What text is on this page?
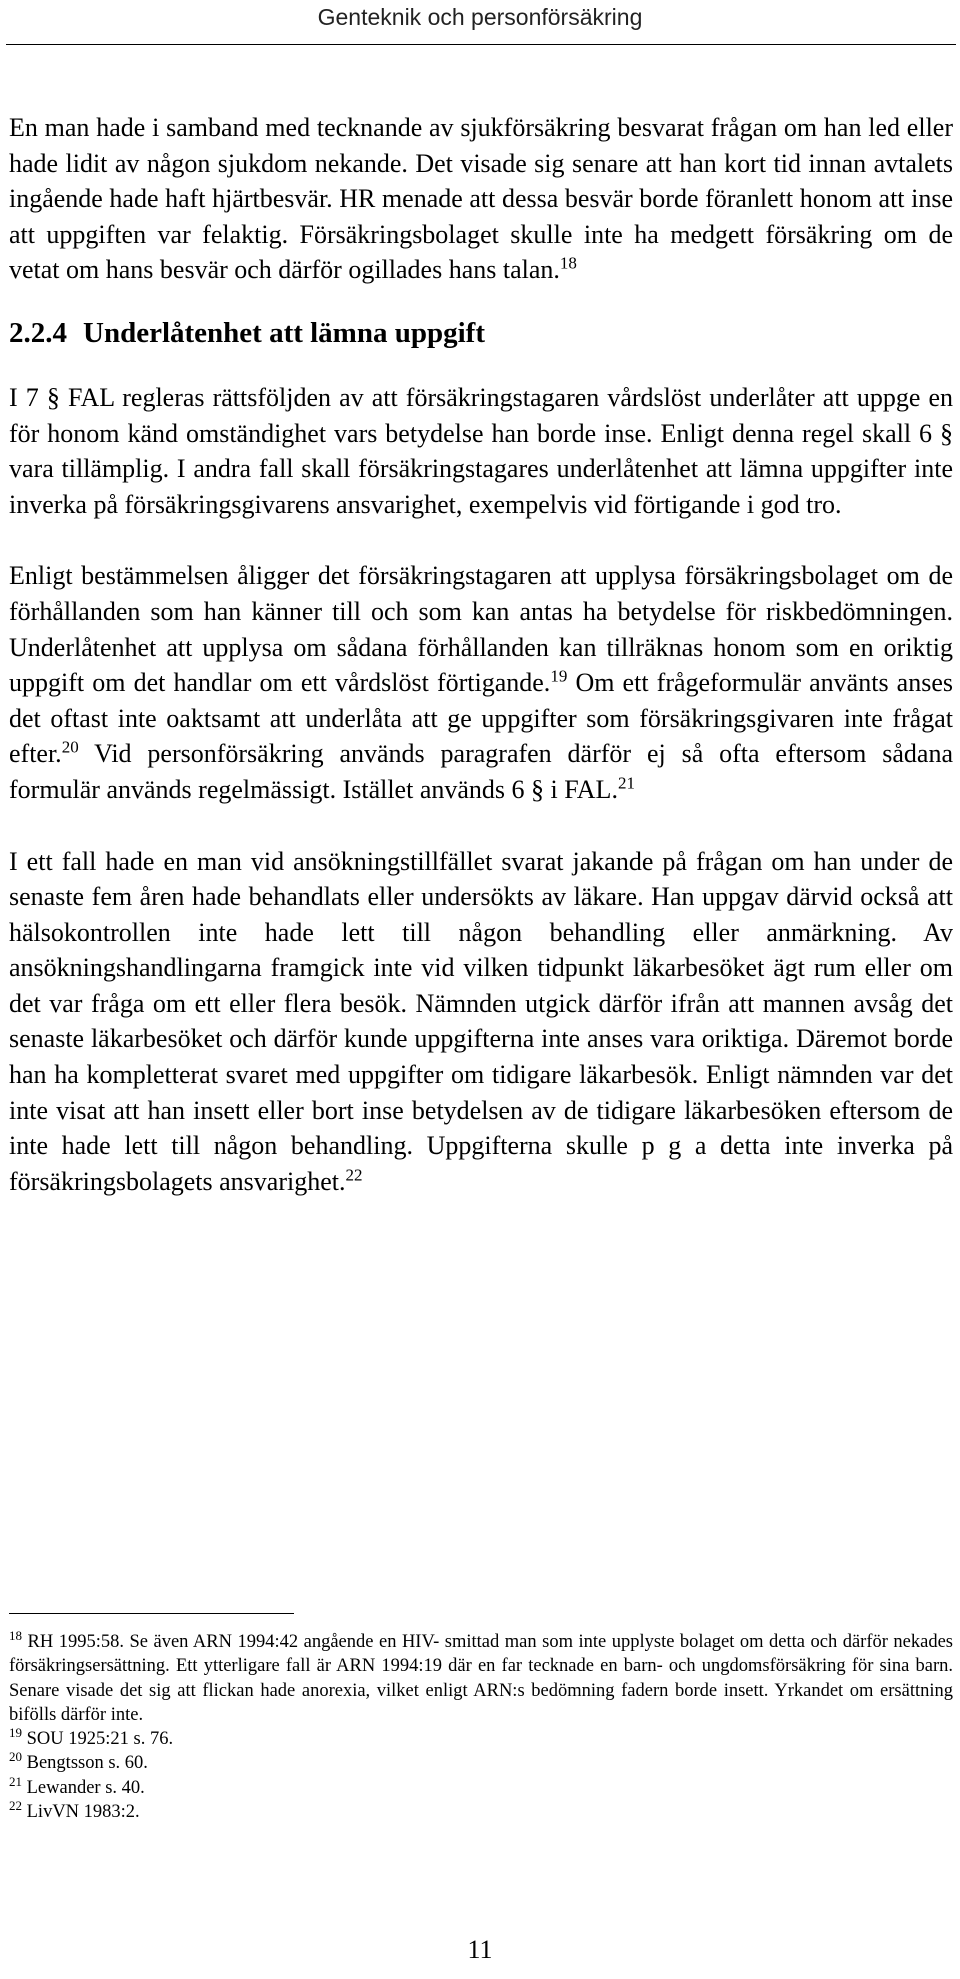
Genteknik och personförsäkring

En man hade i samband med tecknande av sjukförsäkring besvarat frågan om han led eller hade lidit av någon sjukdom nekande. Det visade sig senare att han kort tid innan avtalets ingående hade haft hjärtbesvär. HR menade att dessa besvär borde föranlett honom att inse att uppgiften var felaktig. Försäkringsbolaget skulle inte ha medgett försäkring om de vetat om hans besvär och därför ogillades hans talan.$^{18}$

2.2.4 Underlåtenhet att lämna uppgift

I 7 § FAL regleras rättsföljden av att försäkringstagaren vårdslöst underlåter att uppge en för honom känd omständighet vars betydelse han borde inse. Enligt denna regel skall 6 § vara tillämplig. I andra fall skall försäkringstagares underlåtenhet att lämna uppgifter inte inverka på försäkringsgivarens ansvarighet, exempelvis vid förtigande i god tro.

Enligt bestämmelsen åligger det försäkringstagaren att upplysa försäkringsbolaget om de förhållanden som han känner till och som kan antas ha betydelse för riskbedömningen. Underlåtenhet att upplysa om sådana förhållanden kan tillräknas honom som en oriktig uppgift om det handlar om ett vårdslöst förtigande.$^{19}$ Om ett frågeformulär använts anses det oftast inte oaktsamt att underlåta att ge uppgifter som försäkringsgivaren inte frågat efter.$^{20}$ Vid personförsäkring används paragrafen därför ej så ofta eftersom sådana formulär används regelmässigt. Istället används 6 § i FAL.$^{21}$

I ett fall hade en man vid ansökningstillfället svarat jakande på frågan om han under de senaste fem åren hade behandlats eller undersökts av läkare. Han uppgav därvid också att hälsokontrollen inte hade lett till någon behandling eller anmärkning. Av ansökningshandlingarna framgick inte vid vilken tidpunkt läkarbesöket ägt rum eller om det var fråga om ett eller flera besök. Nämnden utgick därför ifrån att mannen avsåg det senaste läkarbesöket och därför kunde uppgifterna inte anses vara oriktiga. Däremot borde han ha kompletterat svaret med uppgifter om tidigare läkarbesök. Enligt nämnden var det inte visat att han insett eller bort inse betydelsen av de tidigare läkarbesöken eftersom de inte hade lett till någon behandling. Uppgifterna skulle p g a detta inte inverka på försäkringsbolagets ansvarighet.$^{22}$

$^{18}$ RH 1995:58. Se även ARN 1994:42 angående en HIV- smittad man som inte upplyste bolaget om detta och därför nekades försäkringsersättning. Ett ytterligare fall är ARN 1994:19 där en far tecknade en barn- och ungdomsförsäkring för sina barn. Senare visade det sig att flickan hade anorexia, vilket enligt ARN:s bedömning fadern borde insett. Yrkandet om ersättning bifölls därför inte.

$^{19}$ SOU 1925:21 s. 76.

$^{20}$ Bengtsson s. 60.

$^{21}$ Lewander s. 40.

$^{22}$ LivVN 1983:2.

11
